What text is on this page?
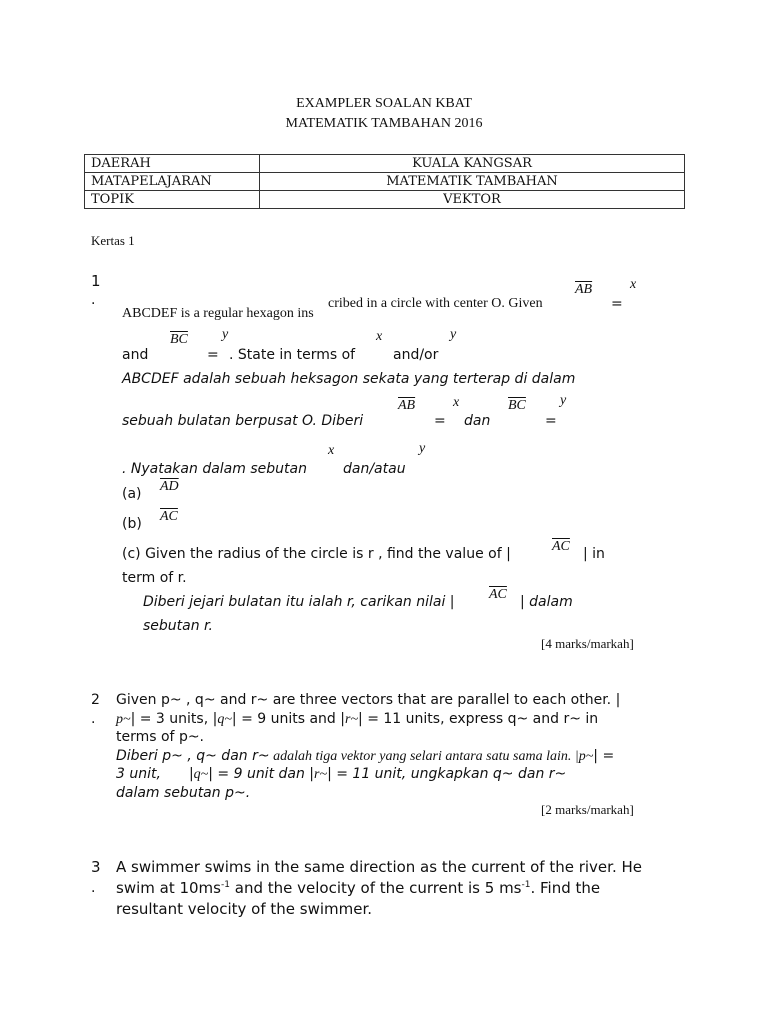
EXAMPLER SOALAN KBAT
MATEMATIK TAMBAHAN 2016
DAERAH	KUALA KANGSAR
MATAPELAJARAN	MATEMATIK TAMBAHAN
TOPIK	VEKTOR
Kertas 1
1
.
$\overline{AB}$	x
cribed in a circle with center O. Given	=
ABCDEF is a regular hexagon ins
$\overline{BC}$ y	x	y
and	= . State in terms of	and/or
ABCDEF adalah sebuah heksagon sekata yang terterap di dalam
$\overline{AB}$	x	$\overline{BC}$ y
sebuah bulatan berpusat O. Diberi	= dan	=
x	y
. Nyatakan dalam sebutan	dan/atau
$\overline{AD}$
(a)
$\overline{AC}$
(b)
$\overline{AC}$
(c) Given the radius of the circle is r , find the value of |	| in
term of r.
$\overline{AC}$
Diberi jejari bulatan itu ialah r, carikan nilai |	| dalam
sebutan r.
[4 marks/markah]
2
.
Given p~ , q~ and r~ are three vectors that are parallel to each other. |
p~| = 3 units, |q~| = 9 units and |r~| = 11 units, express q~ and r~ in
terms of p~.
Diberi p~ , q~ dan r~ adalah tiga vektor yang selari antara satu sama lain. |p~| =
3 unit, |q~| = 9 unit dan |r~| = 11 unit, ungkapkan q~ dan r~
dalam sebutan p~.
[2 marks/markah]
3
.
A swimmer swims in the same direction as the current of the river. He
swim at $10ms^{-1}$ and the velocity of the current is 5 $ms^{-1}$. Find the
resultant velocity of the swimmer.
